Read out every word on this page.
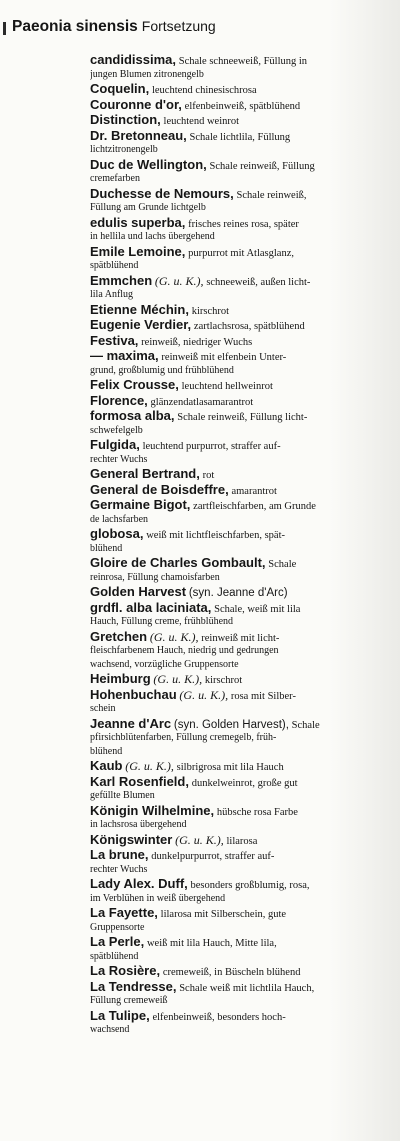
Paeonia sinensis Fortsetzung
candidissima, Schale schneeweiß, Füllung in
jungen Blumen zitronengelb
Coquelin, leuchtend chinesischrosa
Couronne d'or, elfenbeinweiß, spätblühend
Distinction, leuchtend weinrot
Dr. Bretonneau, Schale lichtlila, Füllung
lichtzitronengelb
Duc de Wellington, Schale reinweiß, Füllung
cremefarben
Duchesse de Nemours, Schale reinweiß,
Füllung am Grunde lichtgelb
edulis superba, frisches reines rosa, später
in hellila und lachs übergehend
Emile Lemoine, purpurrot mit Atlasglanz,
spätblühend
Emmchen (G. u. K.), schneeweiß, außen licht-
lila Anflug
Etienne Méchin, kirschrot
Eugenie Verdier, zartlachsrosa, spätblühend
Festiva, reinweiß, niedriger Wuchs
— maxima, reinweiß mit elfenbein Unter-
grund, großblumig und frühblühend
Felix Crousse, leuchtend hellweinrot
Florence, glänzendatlasamarantrot
formosa alba, Schale reinweiß, Füllung licht-
schwefelgelb
Fulgida, leuchtend purpurrot, straffer auf-
rechter Wuchs
General Bertrand, rot
General de Boisdeffre, amarantrot
Germaine Bigot, zartfleischfarben, am Grunde
de lachsfarben
globosa, weiß mit lichtfleischfarben, spät-
blühend
Gloire de Charles Gombault, Schale
reinrosa, Füllung chamoisfarben
Golden Harvest (syn. Jeanne d'Arc)
grdfl. alba laciniata, Schale, weiß mit lila
Hauch, Füllung creme, frühblühend
Gretchen (G. u. K.), reinweiß mit licht-
fleischfarbenem Hauch, niedrig und gedrungen
wachsend, vorzügliche Gruppensorte
Heimburg (G. u. K.), kirschrot
Hohenbuchau (G. u. K.), rosa mit Silber-
schein
Jeanne d'Arc (syn. Golden Harvest), Schale
pfirsichblütenfarben, Füllung cremegelb, früh-
blühend
Kaub (G. u. K.), silbrigrosa mit lila Hauch
Karl Rosenfield, dunkelweinrot, große gut
gefüllte Blumen
Königin Wilhelmine, hübsche rosa Farbe
in lachsrosa übergehend
Königswinter (G. u. K.), lilarosa
La brune, dunkelpurpurrot, straffer auf-
rechter Wuchs
Lady Alex. Duff, besonders großblumig, rosa,
im Verblühen in weiß übergehend
La Fayette, lilarosa mit Silberschein, gute
Gruppensorte
La Perle, weiß mit lila Hauch, Mitte lila,
spätblühend
La Rosière, cremeweiß, in Büscheln blühend
La Tendresse, Schale weiß mit lichtlila Hauch,
Füllung cremeweiß
La Tulipe, elfenbeinweiß, besonders hoch-
wachsend
